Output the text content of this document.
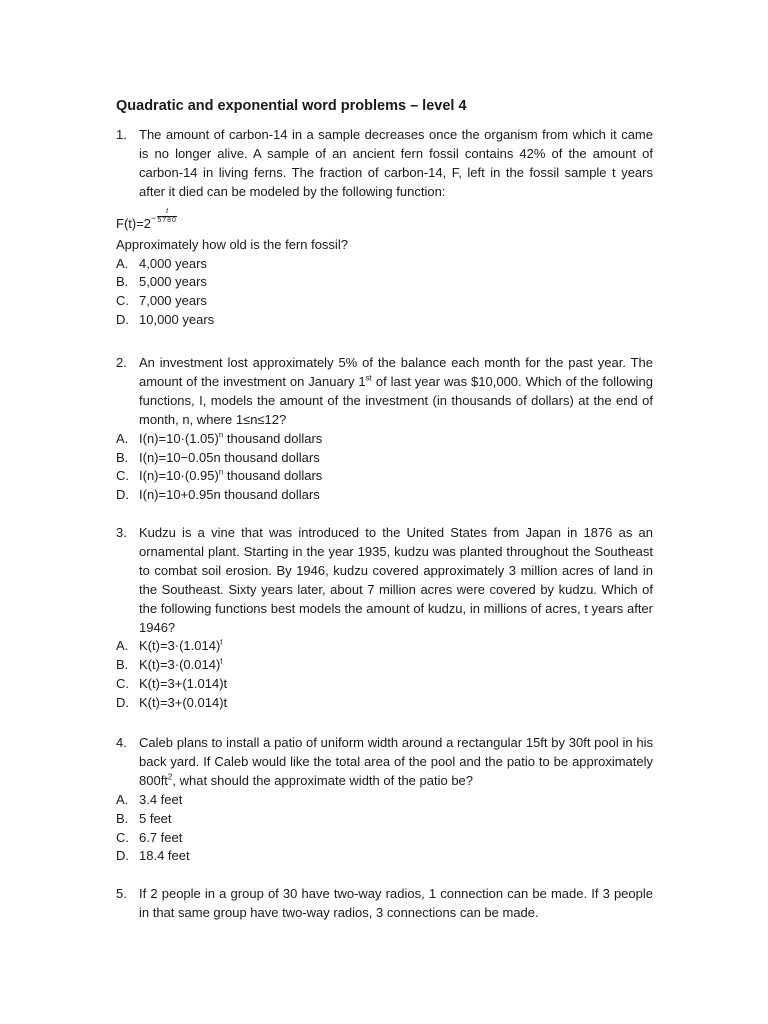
Quadratic and exponential word problems – level 4
1. The amount of carbon-14 in a sample decreases once the organism from which it came is no longer alive. A sample of an ancient fern fossil contains 42% of the amount of carbon-14 in living ferns. The fraction of carbon-14, F, left in the fossil sample t years after it died can be modeled by the following function:
$F(t)=2^- \frac{t}{5780}$
Approximately how old is the fern fossil?
A. 4,000 years
B. 5,000 years
C. 7,000 years
D. 10,000 years
2. An investment lost approximately 5% of the balance each month for the past year. The amount of the investment on January 1st of last year was $10,000. Which of the following functions, I, models the amount of the investment (in thousands of dollars) at the end of month, n, where 1≤n≤12?
A. $I(n)=10\cdot(1.05)^n$ thousand dollars
B. I(n)=10−0.05n thousand dollars
C. $I(n)=10\cdot(0.95)^n$ thousand dollars
D. I(n)=10+0.95n thousand dollars
3. Kudzu is a vine that was introduced to the United States from Japan in 1876 as an ornamental plant. Starting in the year 1935, kudzu was planted throughout the Southeast to combat soil erosion. By 1946, kudzu covered approximately 3 million acres of land in the Southeast. Sixty years later, about 7 million acres were covered by kudzu. Which of the following functions best models the amount of kudzu, in millions of acres, t years after 1946?
A. $K(t)=3\cdot(1.014)^t$
B. $K(t)=3\cdot(0.014)^t$
C. K(t)=3+(1.014)t
D. K(t)=3+(0.014)t
4. Caleb plans to install a patio of uniform width around a rectangular 15ft by 30ft pool in his back yard. If Caleb would like the total area of the pool and the patio to be approximately $800ft^2$, what should the approximate width of the patio be?
A. 3.4 feet
B. 5 feet
C. 6.7 feet
D. 18.4 feet
5. If 2 people in a group of 30 have two-way radios, 1 connection can be made. If 3 people in that same group have two-way radios, 3 connections can be made.
